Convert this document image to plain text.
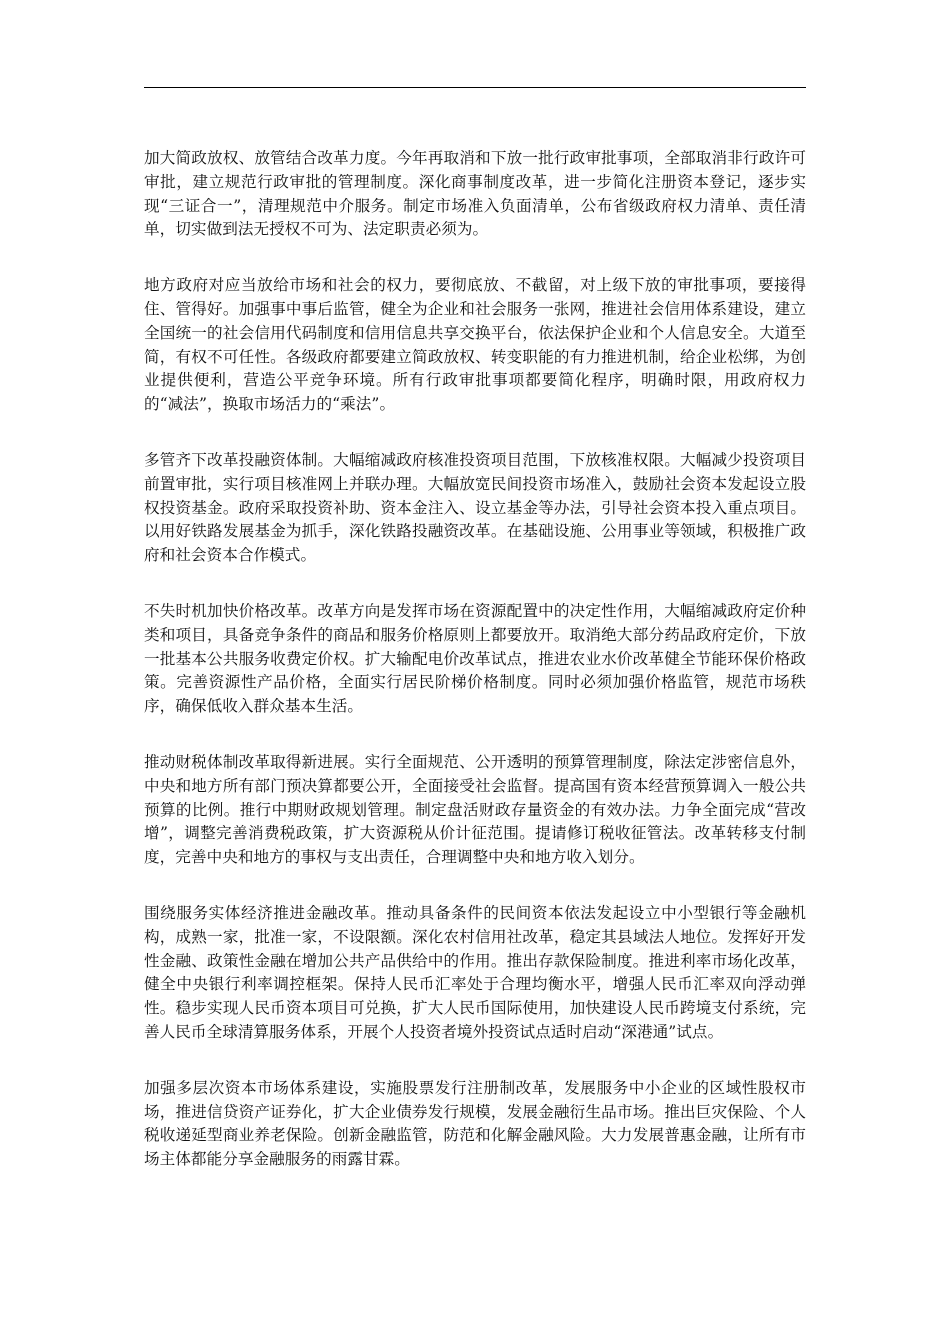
加大简政放权、放管结合改革力度。今年再取消和下放一批行政审批事项，全部取消非行政许可审批，建立规范行政审批的管理制度。深化商事制度改革，进一步简化注册资本登记，逐步实现“三证合一”，清理规范中介服务。制定市场准入负面清单，公布省级政府权力清单、责任清单，切实做到法无授权不可为、法定职责必须为。

地方政府对应当放给市场和社会的权力，要彻底放、不截留，对上级下放的审批事项，要接得住、管得好。加强事中事后监管，健全为企业和社会服务一张网，推进社会信用体系建设，建立全国统一的社会信用代码制度和信用信息共享交换平台，依法保护企业和个人信息安全。大道至简，有权不可任性。各级政府都要建立简政放权、转变职能的有力推进机制，给企业松绑，为创业提供便利，营造公平竞争环境。所有行政审批事项都要简化程序，明确时限，用政府权力的“减法”，换取市场活力的“乘法”。

多管齐下改革投融资体制。大幅缩减政府核准投资项目范围，下放核准权限。大幅减少投资项目前置审批，实行项目核准网上并联办理。大幅放宽民间投资市场准入，鼓励社会资本发起设立股权投资基金。政府采取投资补助、资本金注入、设立基金等办法，引导社会资本投入重点项目。以用好铁路发展基金为抓手，深化铁路投融资改革。在基础设施、公用事业等领域，积极推广政府和社会资本合作模式。

不失时机加快价格改革。改革方向是发挥市场在资源配置中的决定性作用，大幅缩减政府定价种类和项目，具备竞争条件的商品和服务价格原则上都要放开。取消绝大部分药品政府定价，下放一批基本公共服务收费定价权。扩大输配电价改革试点，推进农业水价改革健全节能环保价格政策。完善资源性产品价格，全面实行居民阶梯价格制度。同时必须加强价格监管，规范市场秩序，确保低收入群众基本生活。

推动财税体制改革取得新进展。实行全面规范、公开透明的预算管理制度，除法定涉密信息外，中央和地方所有部门预决算都要公开，全面接受社会监督。提高国有资本经营预算调入一般公共预算的比例。推行中期财政规划管理。制定盘活财政存量资金的有效办法。力争全面完成“营改增”，调整完善消费税政策，扩大资源税从价计征范围。提请修订税收征管法。改革转移支付制度，完善中央和地方的事权与支出责任，合理调整中央和地方收入划分。

围绕服务实体经济推进金融改革。推动具备条件的民间资本依法发起设立中小型银行等金融机构，成熟一家，批准一家，不设限额。深化农村信用社改革，稳定其县域法人地位。发挥好开发性金融、政策性金融在增加公共产品供给中的作用。推出存款保险制度。推进利率市场化改革，健全中央银行利率调控框架。保持人民币汇率处于合理均衡水平，增强人民币汇率双向浮动弹性。稳步实现人民币资本项目可兑换，扩大人民币国际使用，加快建设人民币跨境支付系统，完善人民币全球清算服务体系，开展个人投资者境外投资试点适时启动“深港通”试点。

加强多层次资本市场体系建设，实施股票发行注册制改革，发展服务中小企业的区域性股权市场，推进信贷资产证券化，扩大企业债券发行规模，发展金融衍生品市场。推出巨灾保险、个人税收递延型商业养老保险。创新金融监管，防范和化解金融风险。大力发展普惠金融，让所有市场主体都能分享金融服务的雨露甘霖。
